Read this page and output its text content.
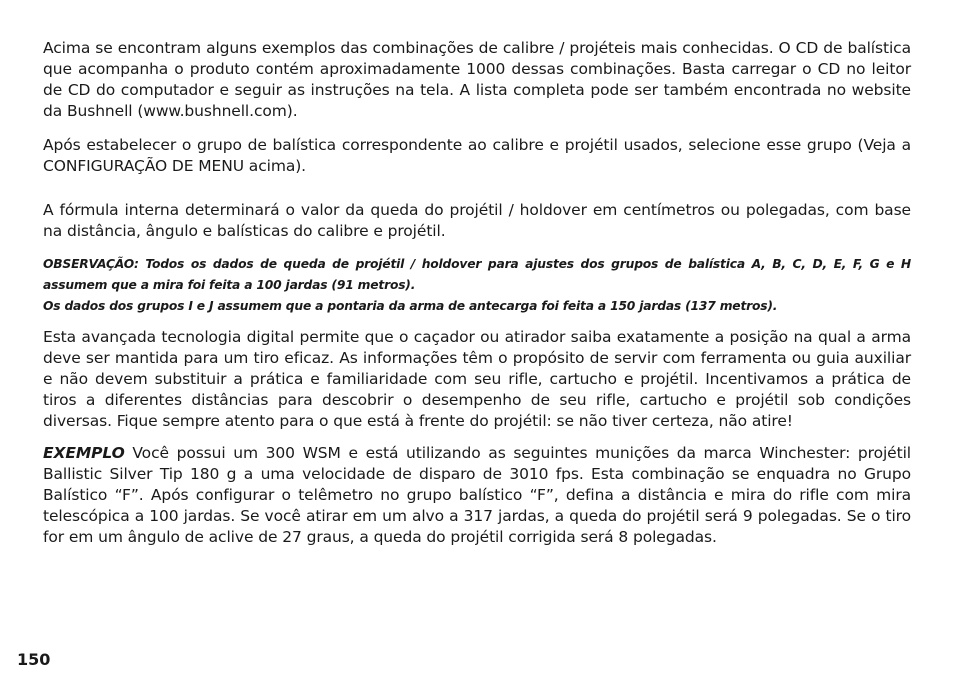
Acima se encontram alguns exemplos das combinações de calibre / projéteis mais conhecidas. O CD de balística que acompanha o produto contém aproximadamente 1000 dessas combinações. Basta carregar o CD no leitor de CD do computador e seguir as instruções na tela. A lista completa pode ser também encontrada no website da Bushnell (www.bushnell.com).

Após estabelecer o grupo de balística correspondente ao calibre e projétil usados, selecione esse grupo (Veja a CONFIGURAÇÃO DE MENU acima).

A fórmula interna determinará o valor da queda do projétil / holdover em centímetros ou polegadas, com base na distância, ângulo e balísticas do calibre e projétil.

OBSERVAÇÃO: Todos os dados de queda de projétil / holdover para ajustes dos grupos de balística A, B, C, D, E, F, G e H assumem que a mira foi feita a 100 jardas (91 metros).
Os dados dos grupos I e J assumem que a pontaria da arma de antecarga foi feita a 150 jardas (137 metros).

Esta avançada tecnologia digital permite que o caçador ou atirador saiba exatamente a posição na qual a arma deve ser mantida para um tiro eficaz. As informações têm o propósito de servir com ferramenta ou guia auxiliar e não devem substituir a prática e familiaridade com seu rifle, cartucho e projétil. Incentivamos a prática de tiros a diferentes distâncias para descobrir o desempenho de seu rifle, cartucho e projétil sob condições diversas. Fique sempre atento para o que está à frente do projétil: se não tiver certeza, não atire!

EXEMPLO Você possui um 300 WSM e está utilizando as seguintes munições da marca Winchester: projétil Ballistic Silver Tip 180 g a uma velocidade de disparo de 3010 fps. Esta combinação se enquadra no Grupo Balístico “F”. Após configurar o telêmetro no grupo balístico “F”, defina a distância e mira do rifle com mira telescópica a 100 jardas. Se você atirar em um alvo a 317 jardas, a queda do projétil será 9 polegadas. Se o tiro for em um ângulo de aclive de 27 graus, a queda do projétil corrigida será 8 polegadas.

150
